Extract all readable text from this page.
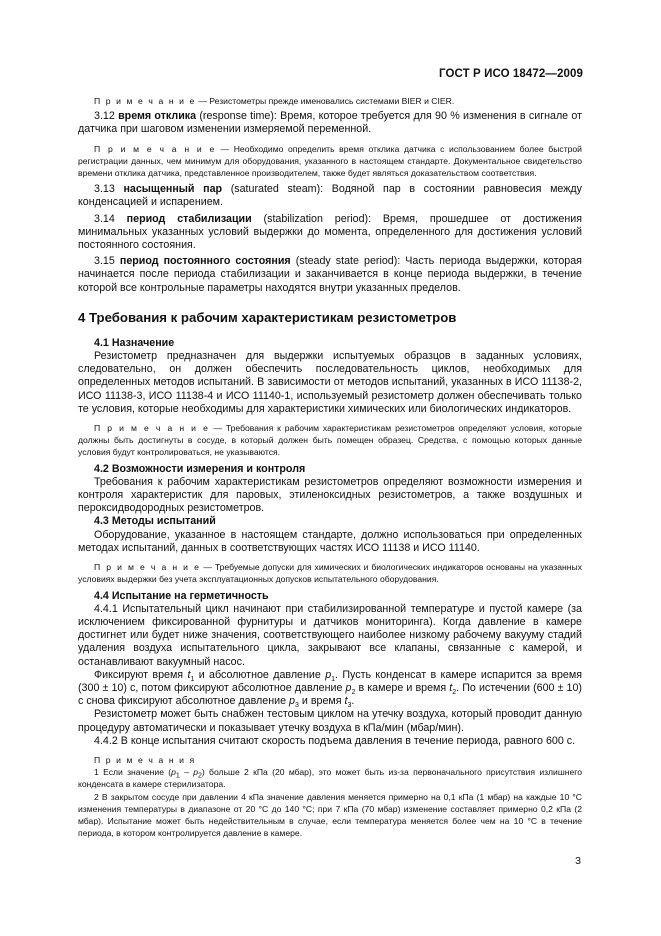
ГОСТ Р ИСО 18472—2009

П р и м е ч а н и е — Резистометры прежде именовались системами BIER и CIER.

3.12 время отклика (response time): Время, которое требуется для 90 % изменения в сигнале от датчика при шаговом изменении измеряемой переменной.

П р и м е ч а н и е — Необходимо определить время отклика датчика с использованием более быстрой регистрации данных, чем минимум для оборудования, указанного в настоящем стандарте. Документальное свидетельство времени отклика датчика, представленное производителем, также будет являться доказательством соответствия.

3.13 насыщенный пар (saturated steam): Водяной пар в состоянии равновесия между конденсацией и испарением.

3.14 период стабилизации (stabilization period): Время, прошедшее от достижения минимальных указанных условий выдержки до момента, определенного для достижения условий постоянного состояния.

3.15 период постоянного состояния (steady state period): Часть периода выдержки, которая начинается после периода стабилизации и заканчивается в конце периода выдержки, в течение которой все контрольные параметры находятся внутри указанных пределов.

4 Требования к рабочим характеристикам резистометров

4.1 Назначение

Резистометр предназначен для выдержки испытуемых образцов в заданных условиях, следовательно, он должен обеспечить последовательность циклов, необходимых для определенных методов испытаний. В зависимости от методов испытаний, указанных в ИСО 11138-2, ИСО 11138-3, ИСО 11138-4 и ИСО 11140-1, используемый резистометр должен обеспечивать только те условия, которые необходимы для характеристики химических или биологических индикаторов.

П р и м е ч а н и е — Требования к рабочим характеристикам резистометров определяют условия, которые должны быть достигнуты в сосуде, в который должен быть помещен образец. Средства, с помощью которых данные условия будут контролироваться, не указываются.

4.2 Возможности измерения и контроля

Требования к рабочим характеристикам резистометров определяют возможности измерения и контроля характеристик для паровых, этиленоксидных резистометров, а также воздушных и пероксидводородных резистометров.

4.3 Методы испытаний

Оборудование, указанное в настоящем стандарте, должно использоваться при определенных методах испытаний, данных в соответствующих частях ИСО 11138 и ИСО 11140.

П р и м е ч а н и е — Требуемые допуски для химических и биологических индикаторов основаны на указанных условиях выдержки без учета эксплуатационных допусков испытательного оборудования.

4.4 Испытание на герметичность

4.4.1 Испытательный цикл начинают при стабилизированной температуре и пустой камере (за исключением фиксированной фурнитуры и датчиков мониторинга). Когда давление в камере достигнет или будет ниже значения, соответствующего наиболее низкому рабочему вакууму стадий удаления воздуха испытательного цикла, закрывают все клапаны, связанные с камерой, и останавливают вакуумный насос.

Фиксируют время $t_1$ и абсолютное давление $p_1$. Пусть конденсат в камере испарится за время (300 ± 10) с, потом фиксируют абсолютное давление $p_2$ в камере и время $t_2$. По истечении (600 ± 10) с снова фиксируют абсолютное давление $p_3$ и время $t_3$.

Резистометр может быть снабжен тестовым циклом на утечку воздуха, который проводит данную процедуру автоматически и показывает утечку воздуха в кПа/мин (мбар/мин).

4.4.2 В конце испытания считают скорость подъема давления в течение периода, равного 600 с.

П р и м е ч а н и я

1 Если значение $(p_1 - p_2)$ больше 2 кПа (20 мбар), это может быть из-за первоначального присутствия излишнего конденсата в камере стерилизатора.

2 В закрытом сосуде при давлении 4 кПа значение давления меняется примерно на 0,1 кПа (1 мбар) на каждые 10 °С изменения температуры в диапазоне от 20 °С до 140 °С; при 7 кПа (70 мбар) изменение составляет примерно 0,2 кПа (2 мбар). Испытание может быть недействительным в случае, если температура меняется более чем на 10 °С в течение периода, в котором контролируется давление в камере.

3
